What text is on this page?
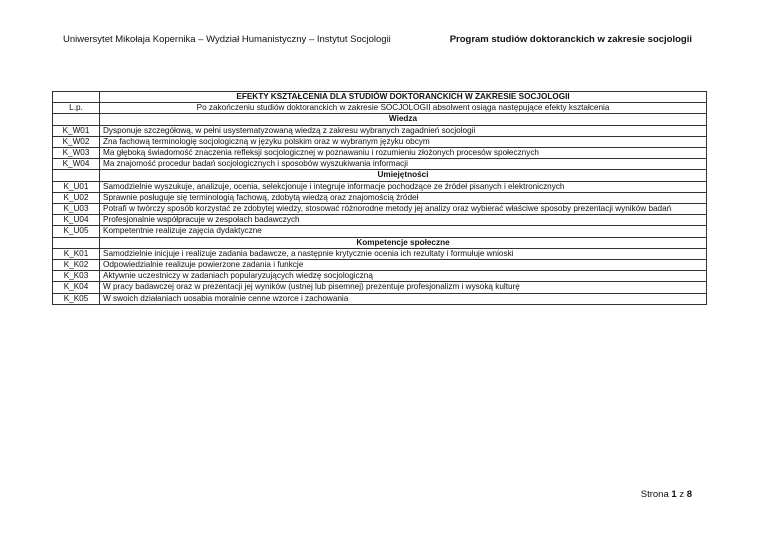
Uniwersytet Mikołaja Kopernika – Wydział Humanistyczny – Instytut Socjologii	Program studiów doktoranckich w zakresie socjologii
	EFEKTY KSZTAŁCENIA DLA STUDIÓW DOKTORANCKICH W ZAKRESIE SOCJOLOGII
L.p.	Po zakończeniu studiów doktoranckich w zakresie SOCJOLOGII absolwent osiąga następujące efekty kształcenia
	Wiedza
K_W01	Dysponuje szczegółową, w pełni usystematyzowaną wiedzą z zakresu wybranych zagadnień socjologii
K_W02	Zna fachową terminologię socjologiczną w języku polskim oraz w wybranym języku obcym
K_W03	Ma głęboką świadomość znaczenia refleksji socjologicznej w poznawaniu i rozumieniu złożonych procesów społecznych
K_W04	Ma znajomość procedur badań socjologicznych i sposobów wyszukiwania informacji
	Umiejętności
K_U01	Samodzielnie wyszukuje, analizuje, ocenia, selekcjonuje i integruje informacje pochodzące ze źródeł pisanych i elektronicznych
K_U02	Sprawnie posługuje się terminologią fachową, zdobytą wiedzą oraz znajomością źródeł
K_U03	Potrafi w twórczy sposób korzystać ze zdobytej wiedzy, stosować różnorodne metody jej analizy oraz wybierać właściwe sposoby prezentacji wyników badań
K_U04	Profesjonalnie współpracuje w zespołach badawczych
K_U05	Kompetentnie realizuje zajęcia dydaktyczne
	Kompetencje społeczne
K_K01	Samodzielnie inicjuje i realizuje zadania badawcze, a następnie krytycznie ocenia ich rezultaty i formułuje wnioski
K_K02	Odpowiedzialnie realizuje powierzone zadania i funkcje
K_K03	Aktywnie uczestniczy w zadaniach popularyzujących wiedzę socjologiczną
K_K04	W pracy badawczej oraz w prezentacji jej wyników (ustnej lub pisemnej) prezentuje profesjonalizm i wysoką kulturę
K_K05	W swoich działaniach uosabia moralnie cenne wzorce i zachowania
Strona 1 z 8
